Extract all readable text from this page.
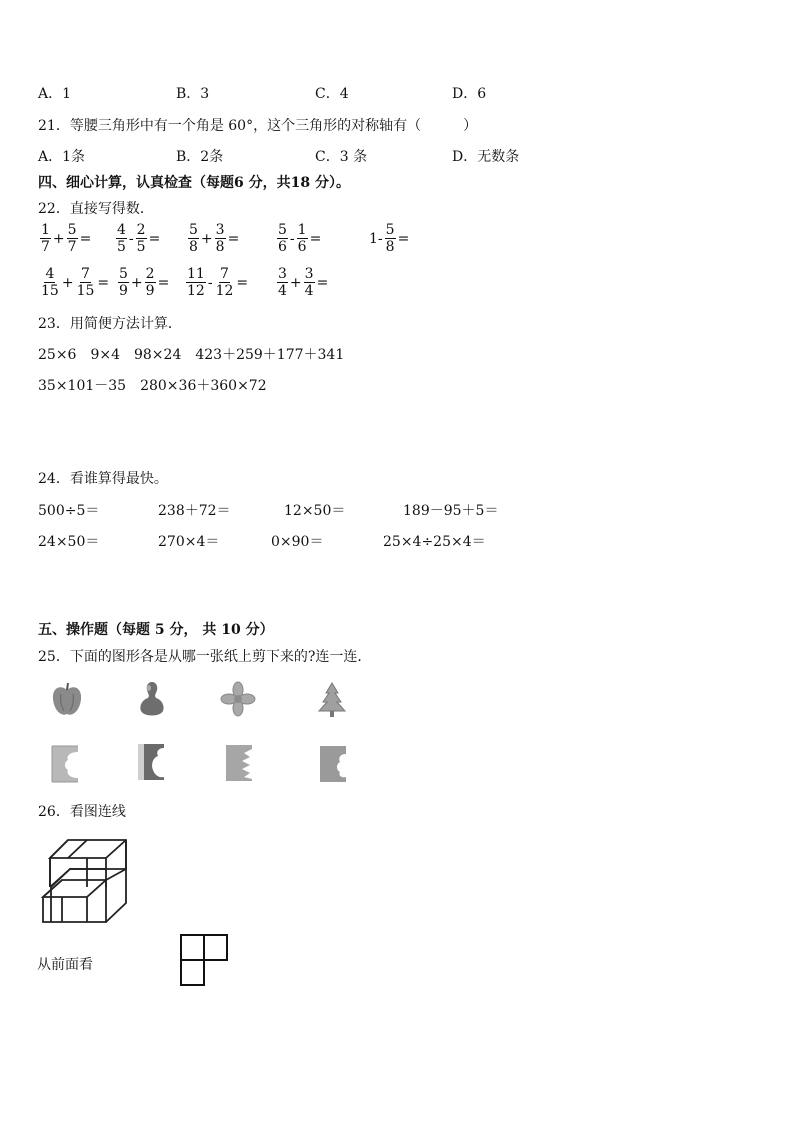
A．1	B．3	C．4	D．6
21．等腰三角形中有一个角是 60°，这个三角形的对称轴有（　　　）
A．1条	B．2条	C．3 条	D．无数条
四、细心计算，认真检查（每题6 分，共18 分）。
22．直接写得数．
$\frac{1}{7} + \frac{5}{7} = \frac{4}{5} - \frac{2}{5} = \frac{5}{8} + \frac{3}{8}$ =	$\frac{5}{6} - \frac{1}{6}$ =	$1- \frac{5}{8}$ =
$\frac{4}{15} + \frac{7}{15} = \frac{5}{9} + \frac{2}{9} = \frac{11}{12} - \frac{7}{12} = \frac{3}{4} + \frac{3}{4}$ =
23．用简便方法计算．
25×6　9×4　98×24　423＋259＋177＋341
35×101－35　280×36＋360×72
24．看谁算得最快。
500÷5＝	238＋72＝	12×50＝	189－95＋5＝
24×50＝	270×4＝	0×90＝	25×4÷25×4＝
五、操作题（每题 5 分， 共 10 分）
25．下面的图形各是从哪一张纸上剪下来的?连一连．
26．看图连线
从前面看
